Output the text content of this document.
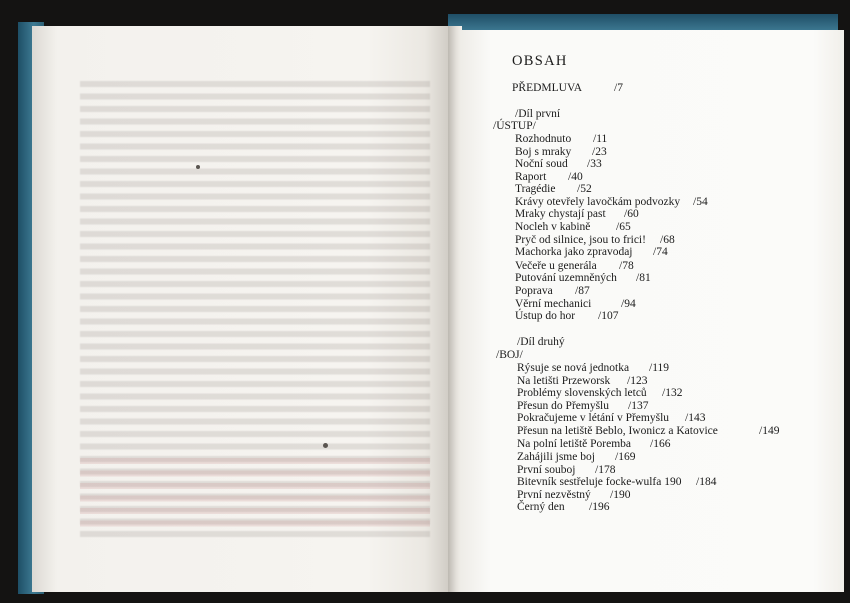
OBSAH
PŘEDMLUVA	/7
/Díl první
/ÚSTUP/
Rozhodnuto /11
Boj s mraky /23
Noční soud /33
Raport /40
Tragédie /52
Krávy otevřely lavočkám podvozky /54
Mraky chystají past /60
Nocleh v kabině /65
Pryč od silnice, jsou to frici! /68
Machorka jako zpravodaj /74
Večeře u generála /78
Putování uzemněných /81
Poprava /87
Věrní mechanici	/94
Ústup do hor /107
/Díl druhý
/BOJ/
Rýsuje se nová jednotka /119
Na letišti Przeworsk /123
Problémy slovenských letců /132
Přesun do Přemyšlu /137
Pokračujeme v létání v Přemyšlu /143
Přesun na letiště Beblo, Iwonicz a Katovice	/149
Na polní letiště Poremba /166
Zahájili jsme boj /169
První souboj /178
Bitevník sestřeluje focke-wulfa 190 /184
První nezvěstný /190
Černý den /196
